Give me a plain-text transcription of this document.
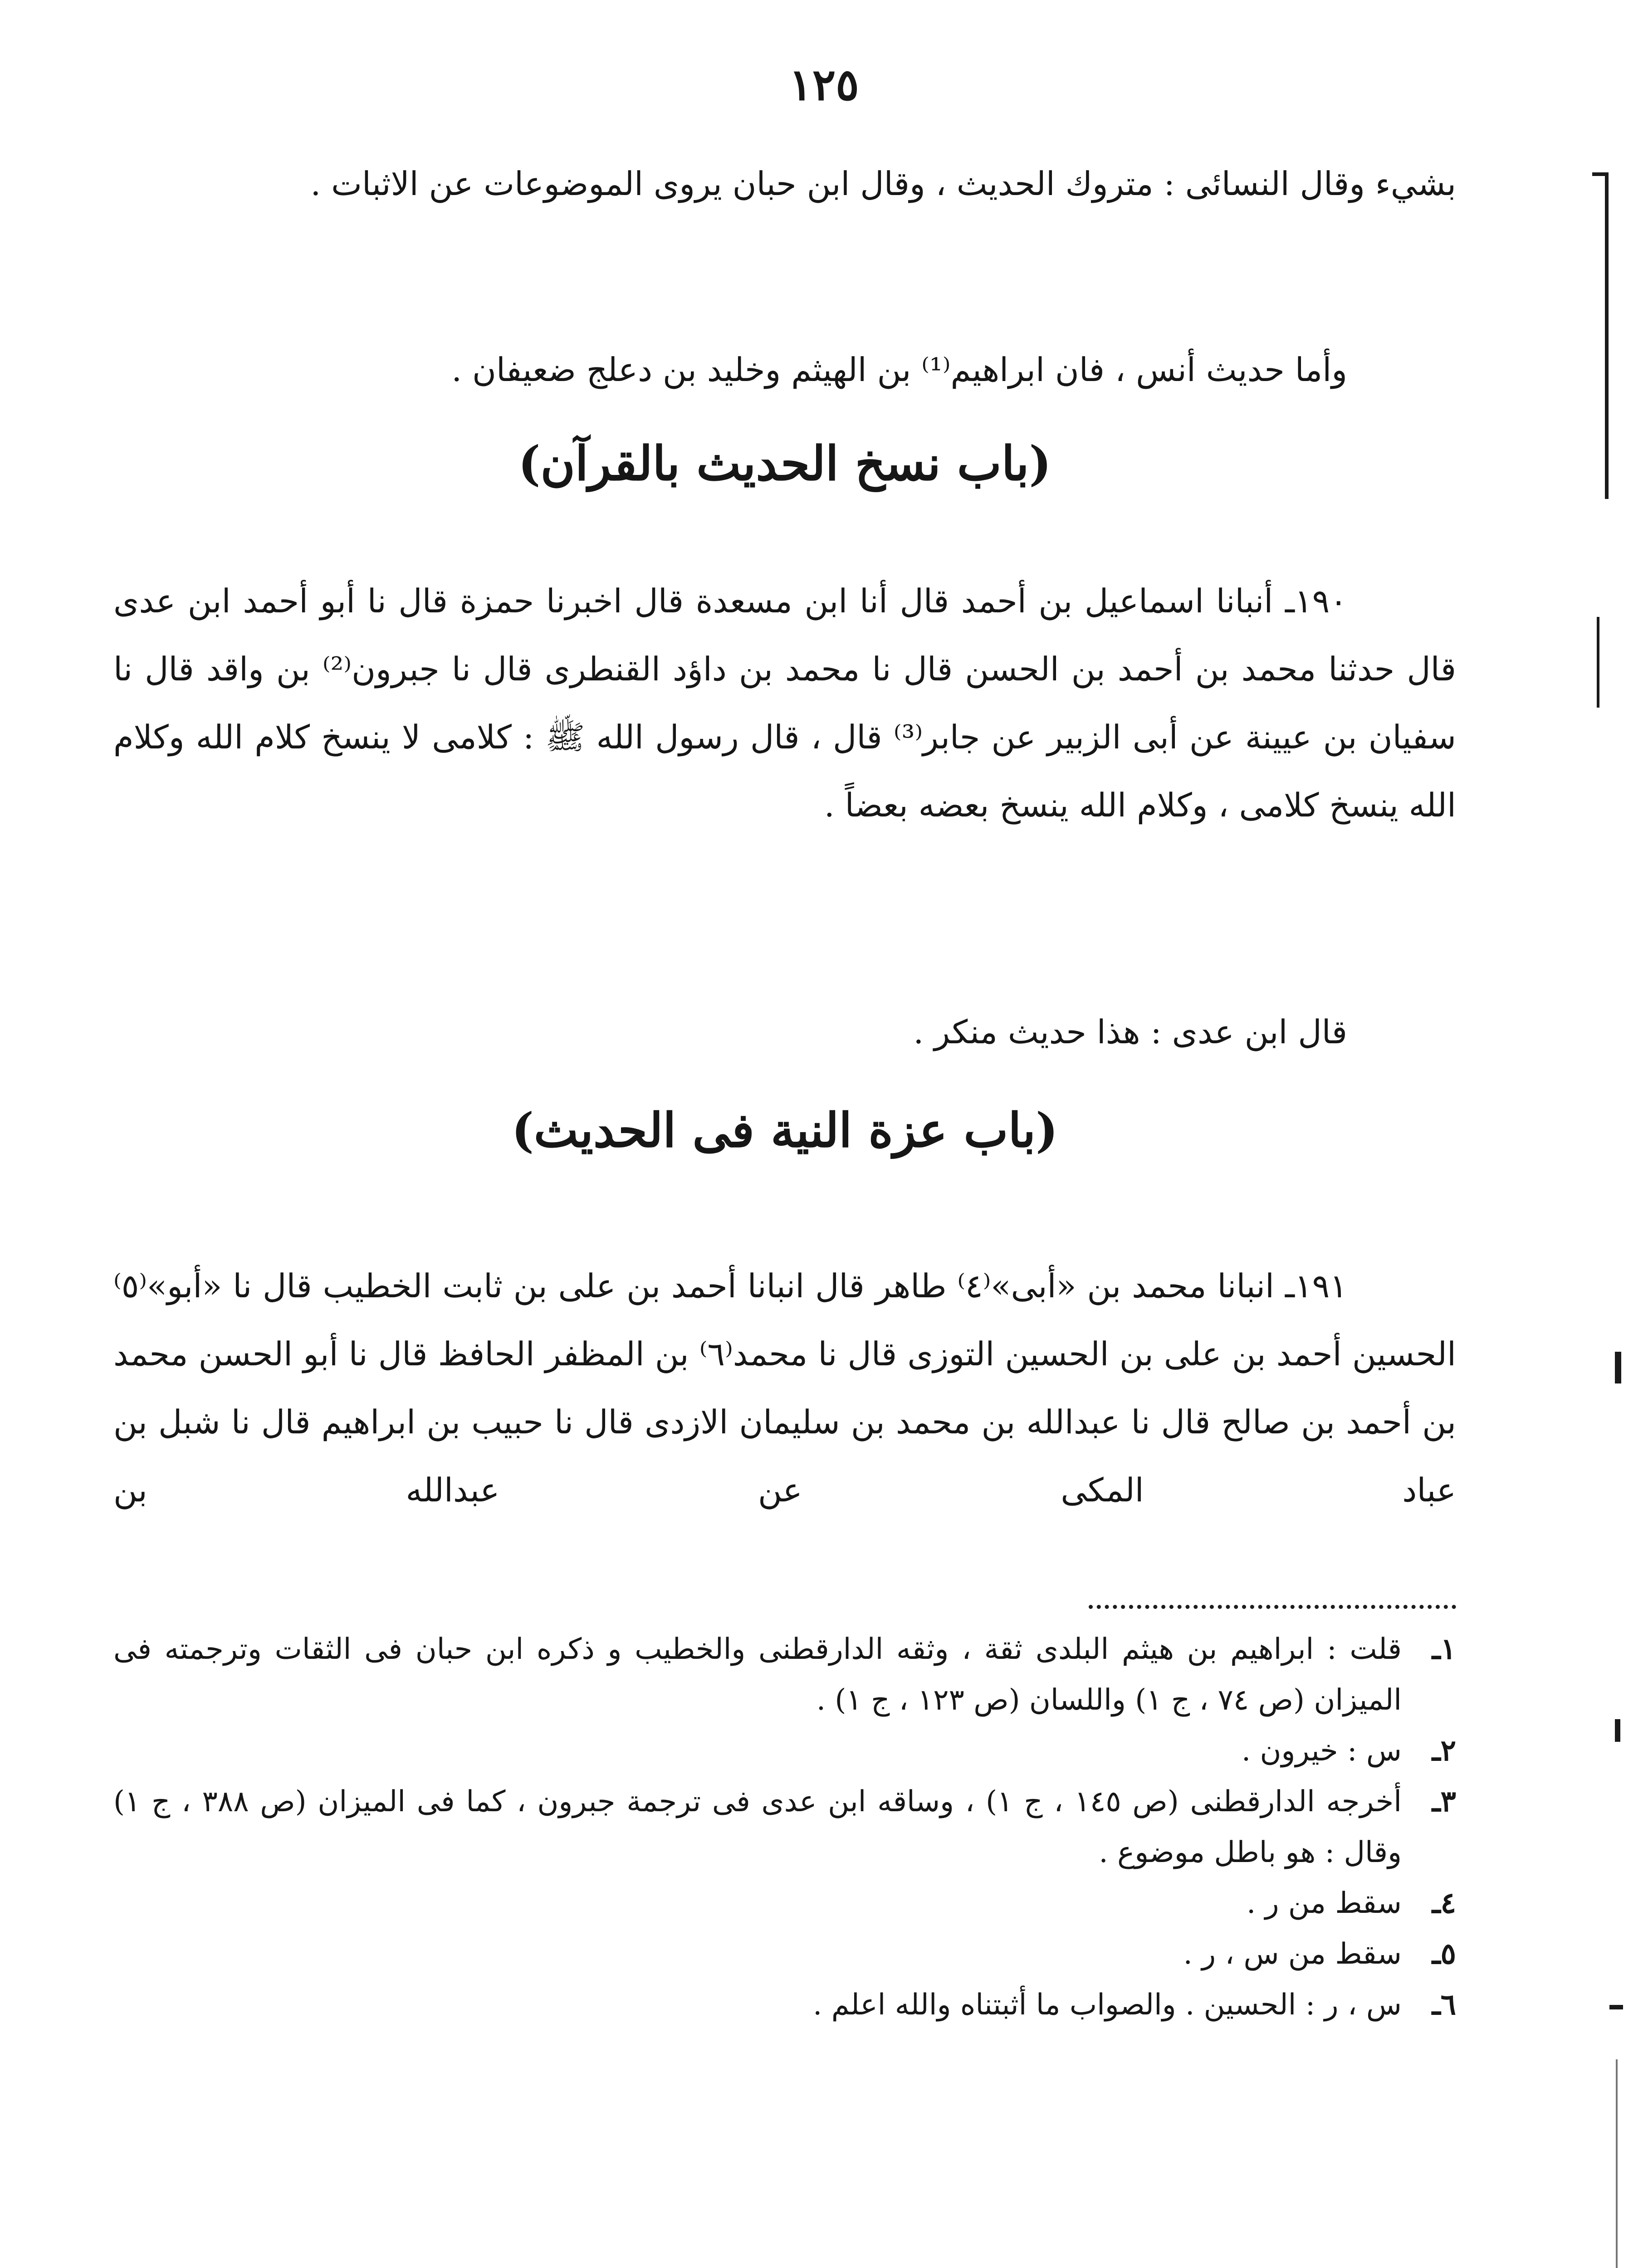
١٢٥

بشيء وقال النسائى : متروك الحديث ، وقال ابن حبان يروى الموضوعات عن الاثبات .

وأما حديث أنس ، فان ابراهيم⁽¹⁾ بن الهيثم وخليد بن دعلج ضعيفان .

(باب نسخ الحديث بالقرآن)

١٩٠ـ أنبانا اسماعيل بن أحمد قال أنا ابن مسعدة قال اخبرنا حمزة قال نا أبو أحمد ابن عدى قال حدثنا محمد بن أحمد بن الحسن قال نا محمد بن داؤد القنطرى قال نا جبرون⁽²⁾ بن واقد قال نا سفيان بن عيينة عن أبى الزبير عن جابر⁽³⁾ قال ، قال رسول الله ﷺ : كلامى لا ينسخ كلام الله وكلام الله ينسخ كلامى ، وكلام الله ينسخ بعضه بعضاً .

قال ابن عدى : هذا حديث منكر .

(باب عزة النية فى الحديث)

١٩١ـ انبانا محمد بن «أبى»⁽٤⁾ طاهر قال انبانا أحمد بن على بن ثابت الخطيب قال نا «أبو»⁽٥⁾ الحسين أحمد بن على بن الحسين التوزى قال نا محمد⁽٦⁾ بن المظفر الحافظ قال نا أبو الحسن محمد بن أحمد بن صالح قال نا عبدالله بن محمد بن سليمان الازدى قال نا حبيب بن ابراهيم قال نا شبل بن عباد المكى عن عبدالله بن

١ـ
قلت : ابراهيم بن هيثم البلدى ثقة ، وثقه الدارقطنى والخطيب و ذكره ابن حبان فى الثقات وترجمته فى الميزان (ص ٧٤ ، ج ١) واللسان (ص ١٢٣ ، ج ١) .
٢ـ
س : خيرون .
٣ـ
أخرجه الدارقطنى (ص ١٤٥ ، ج ١) ، وساقه ابن عدى فى ترجمة جبرون ، كما فى الميزان (ص ٣٨٨ ، ج ١) وقال : هو باطل موضوع .
٤ـ
سقط من ر .
٥ـ
سقط من س ، ر .
٦ـ
س ، ر : الحسين . والصواب ما أثبتناه والله اعلم .
